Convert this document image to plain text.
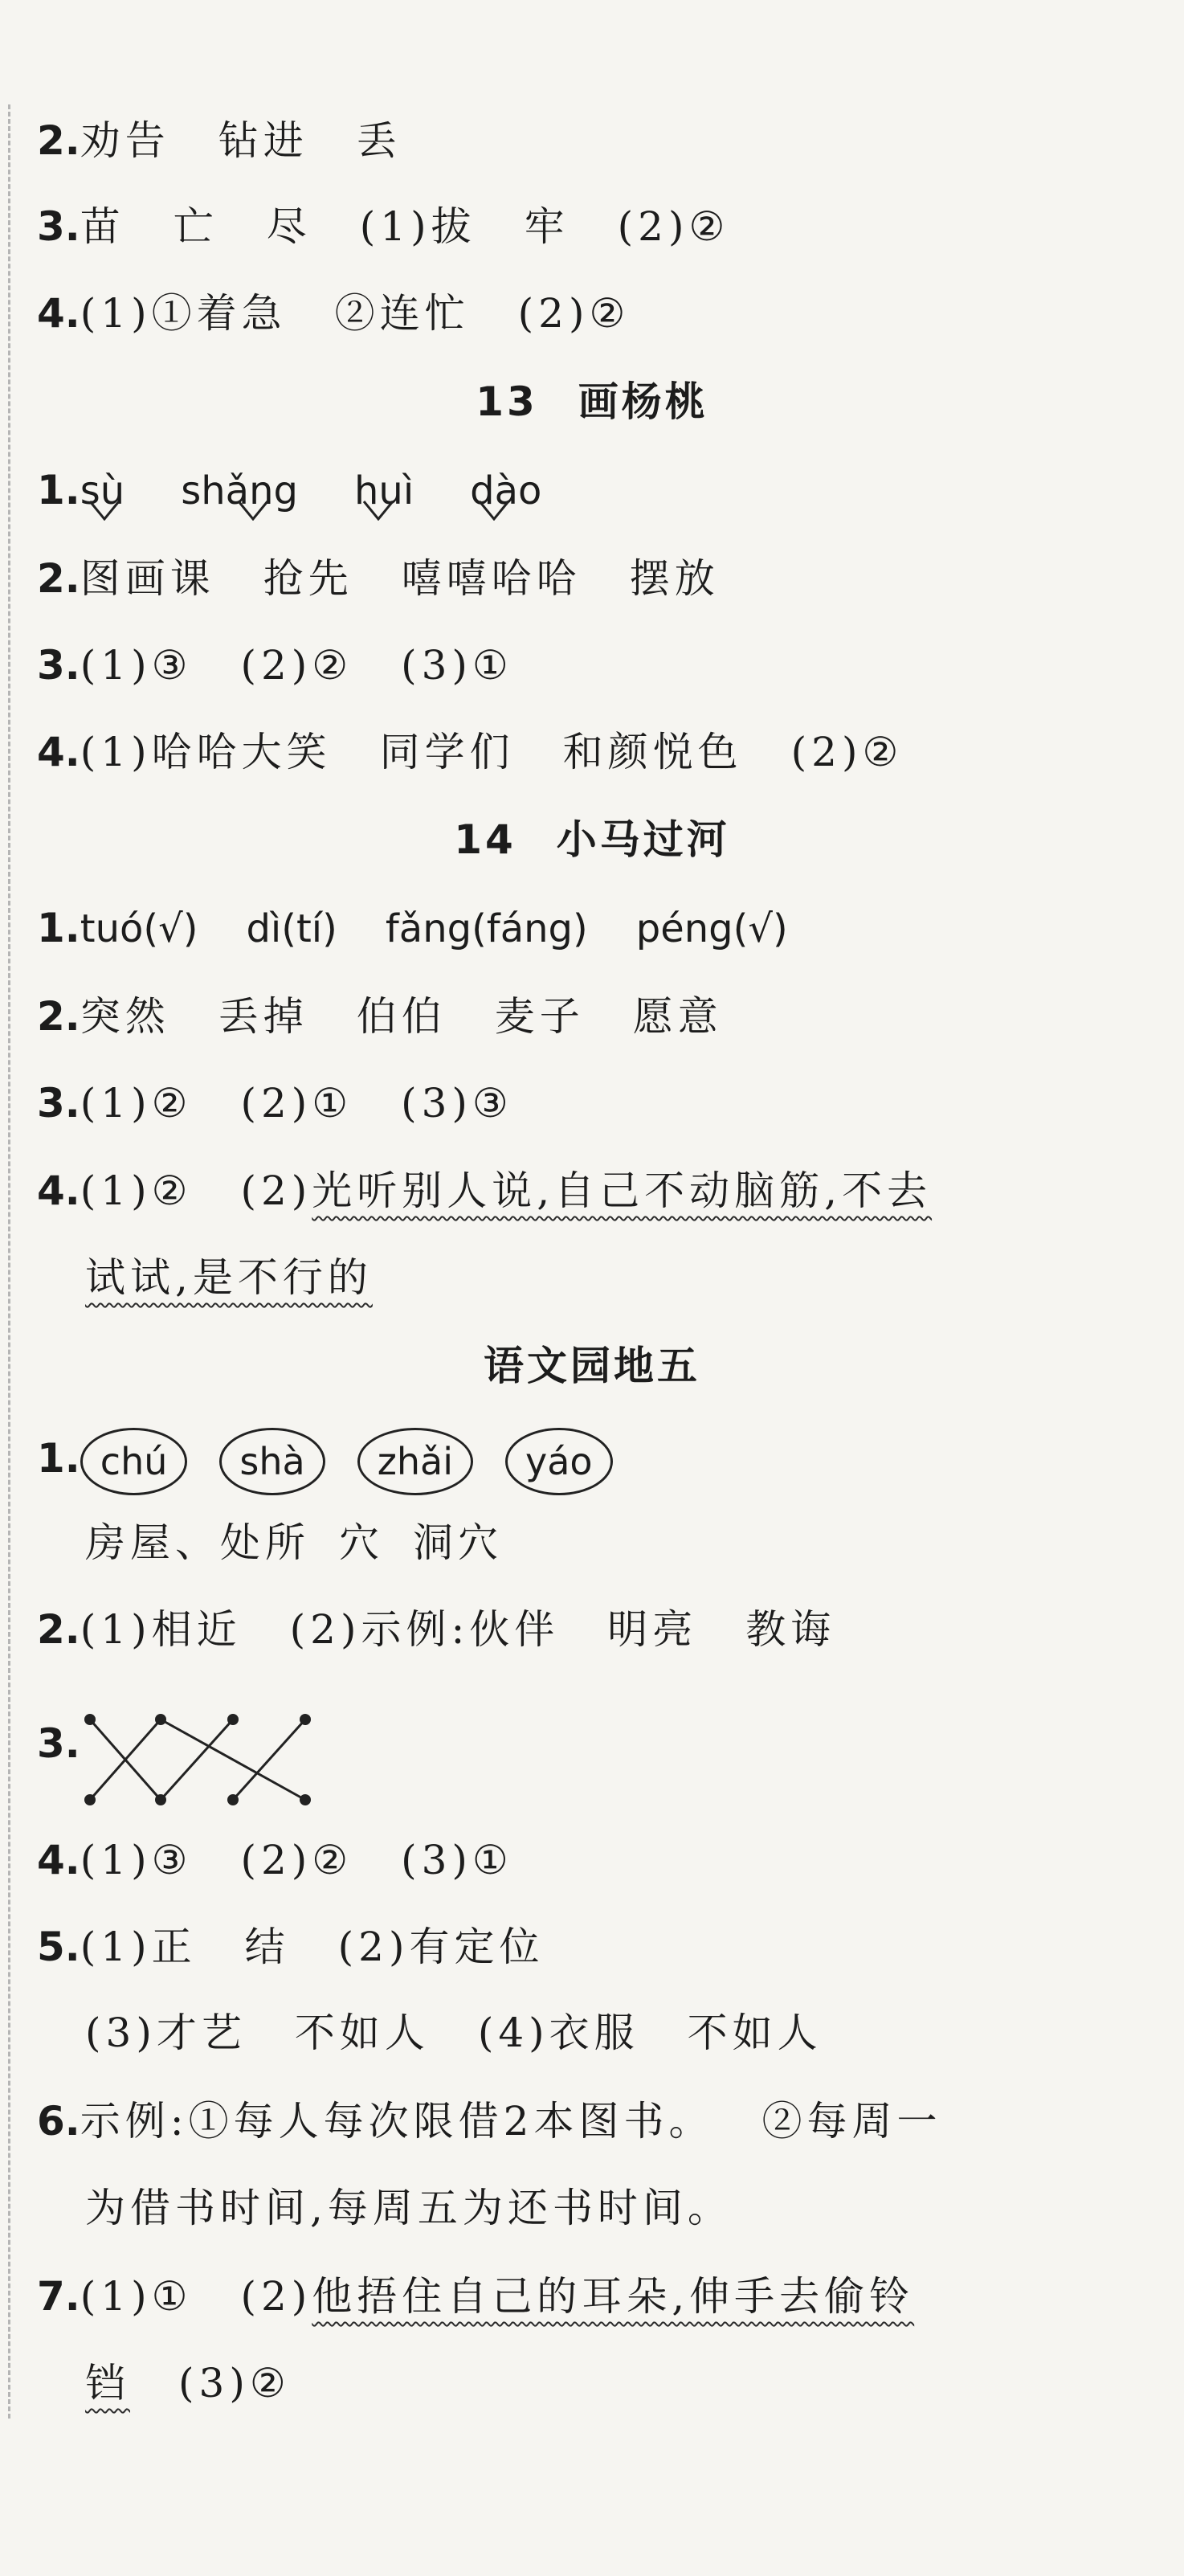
2.劝告 钻进 丢
3.苗 亡 尽 (1)拔 牢 (2)②
4.(1)①着急 ②连忙 (2)②
13 画杨桃
1.sù shǎng huì dào
2.图画课 抢先 嘻嘻哈哈 摆放
3.(1)③ (2)② (3)①
4.(1)哈哈大笑 同学们 和颜悦色 (2)②
14 小马过河
1.tuó(√) dì(tí) fǎng(fáng) péng(√)
2.突然 丢掉 伯伯 麦子 愿意
3.(1)② (2)① (3)③
4.(1)② (2)光听别人说,自己不动脑筋,不去
试试,是不行的
语文园地五
1. chú shà zhǎi yáo
房屋、处所 穴 洞穴
2.(1)相近 (2)示例:伙伴 明亮 教诲
3.
4.(1)③ (2)② (3)①
5.(1)正 结 (2)有定位
(3)才艺 不如人 (4)衣服 不如人
6.示例:①每人每次限借2本图书。 ②每周一
为借书时间,每周五为还书时间。
7.(1)① (2)他捂住自己的耳朵,伸手去偷铃
铛 (3)②
